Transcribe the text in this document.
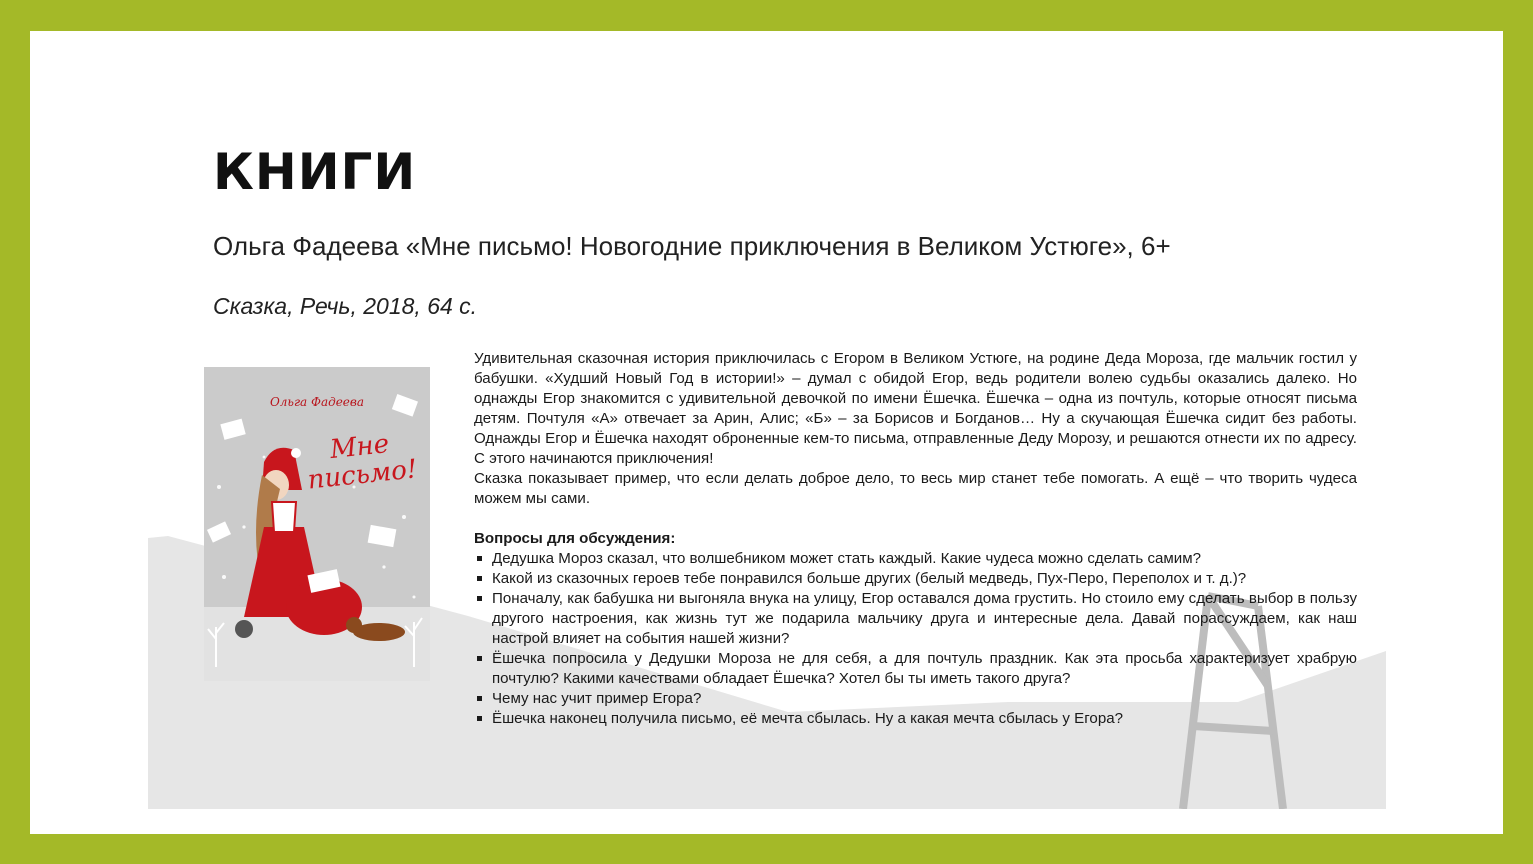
КНИГИ

Ольга Фадеева «Мне письмо! Новогодние приключения в Великом Устюге», 6+

Сказка, Речь, 2018, 64 с.

Ольга Фадеева
Мне письмо!

Удивительная сказочная история приключилась с Егором в Великом Устюге, на родине Деда Мороза, где мальчик гостил у бабушки. «Худший Новый Год в истории!» – думал с обидой Егор, ведь родители волею судьбы оказались далеко. Но однажды Егор знакомится с удивительной девочкой по имени Ёшечка. Ёшечка – одна из почтуль, которые относят письма детям. Почтуля «А» отвечает за Арин, Алис; «Б» – за Борисов и Богданов… Ну а скучающая Ёшечка сидит без работы. Однажды Егор и Ёшечка находят оброненные кем-то письма, отправленные Деду Морозу, и решаются отнести их по адресу. С этого начинаются приключения!

Сказка показывает пример, что если делать доброе дело, то весь мир станет тебе помогать. А ещё – что творить чудеса можем мы сами.

Вопросы для обсуждения:

Дедушка Мороз сказал, что волшебником может стать каждый. Какие чудеса можно сделать самим?
Какой из сказочных героев тебе понравился больше других (белый медведь, Пух-Перо, Переполох и т. д.)?
Поначалу, как бабушка ни выгоняла внука на улицу, Егор оставался дома грустить. Но стоило ему сделать выбор в пользу другого настроения, как жизнь тут же подарила мальчику друга и интересные дела. Давай порассуждаем, как наш настрой влияет на события нашей жизни?
Ёшечка попросила у Дедушки Мороза не для себя, а для почтуль праздник. Как эта просьба характеризует храбрую почтулю? Какими качествами обладает Ёшечка? Хотел бы ты иметь такого друга?
Чему нас учит пример Егора?
Ёшечка наконец получила письмо, её мечта сбылась. Ну а какая мечта сбылась у Егора?
